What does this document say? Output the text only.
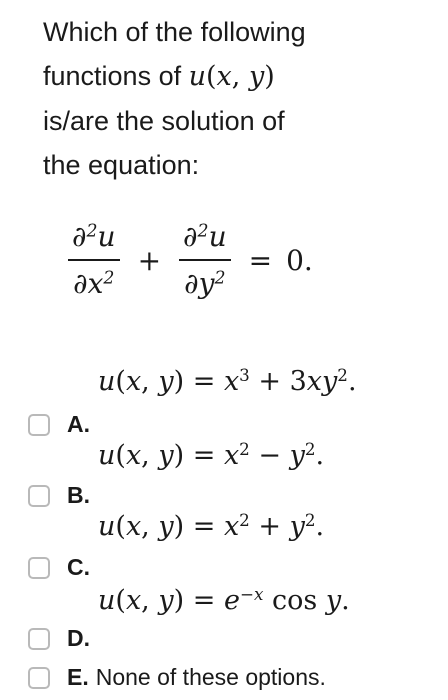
Which of the following
functions of u(x, y)
is/are the solution of
the equation:
$\frac{\partial^2u}{\partial x^2} + \frac{\partial^2u}{\partial y^2} = 0$.
u(x, $y) = x^3 + 3xy^2$.
A.
u(x, $y) = x^2 - y^2$.
B.
u(x, $y) = x^2 + y^2$.
C.
u(x, $y) = e^{-x}$ cos y.
D.
E. None of these options.
